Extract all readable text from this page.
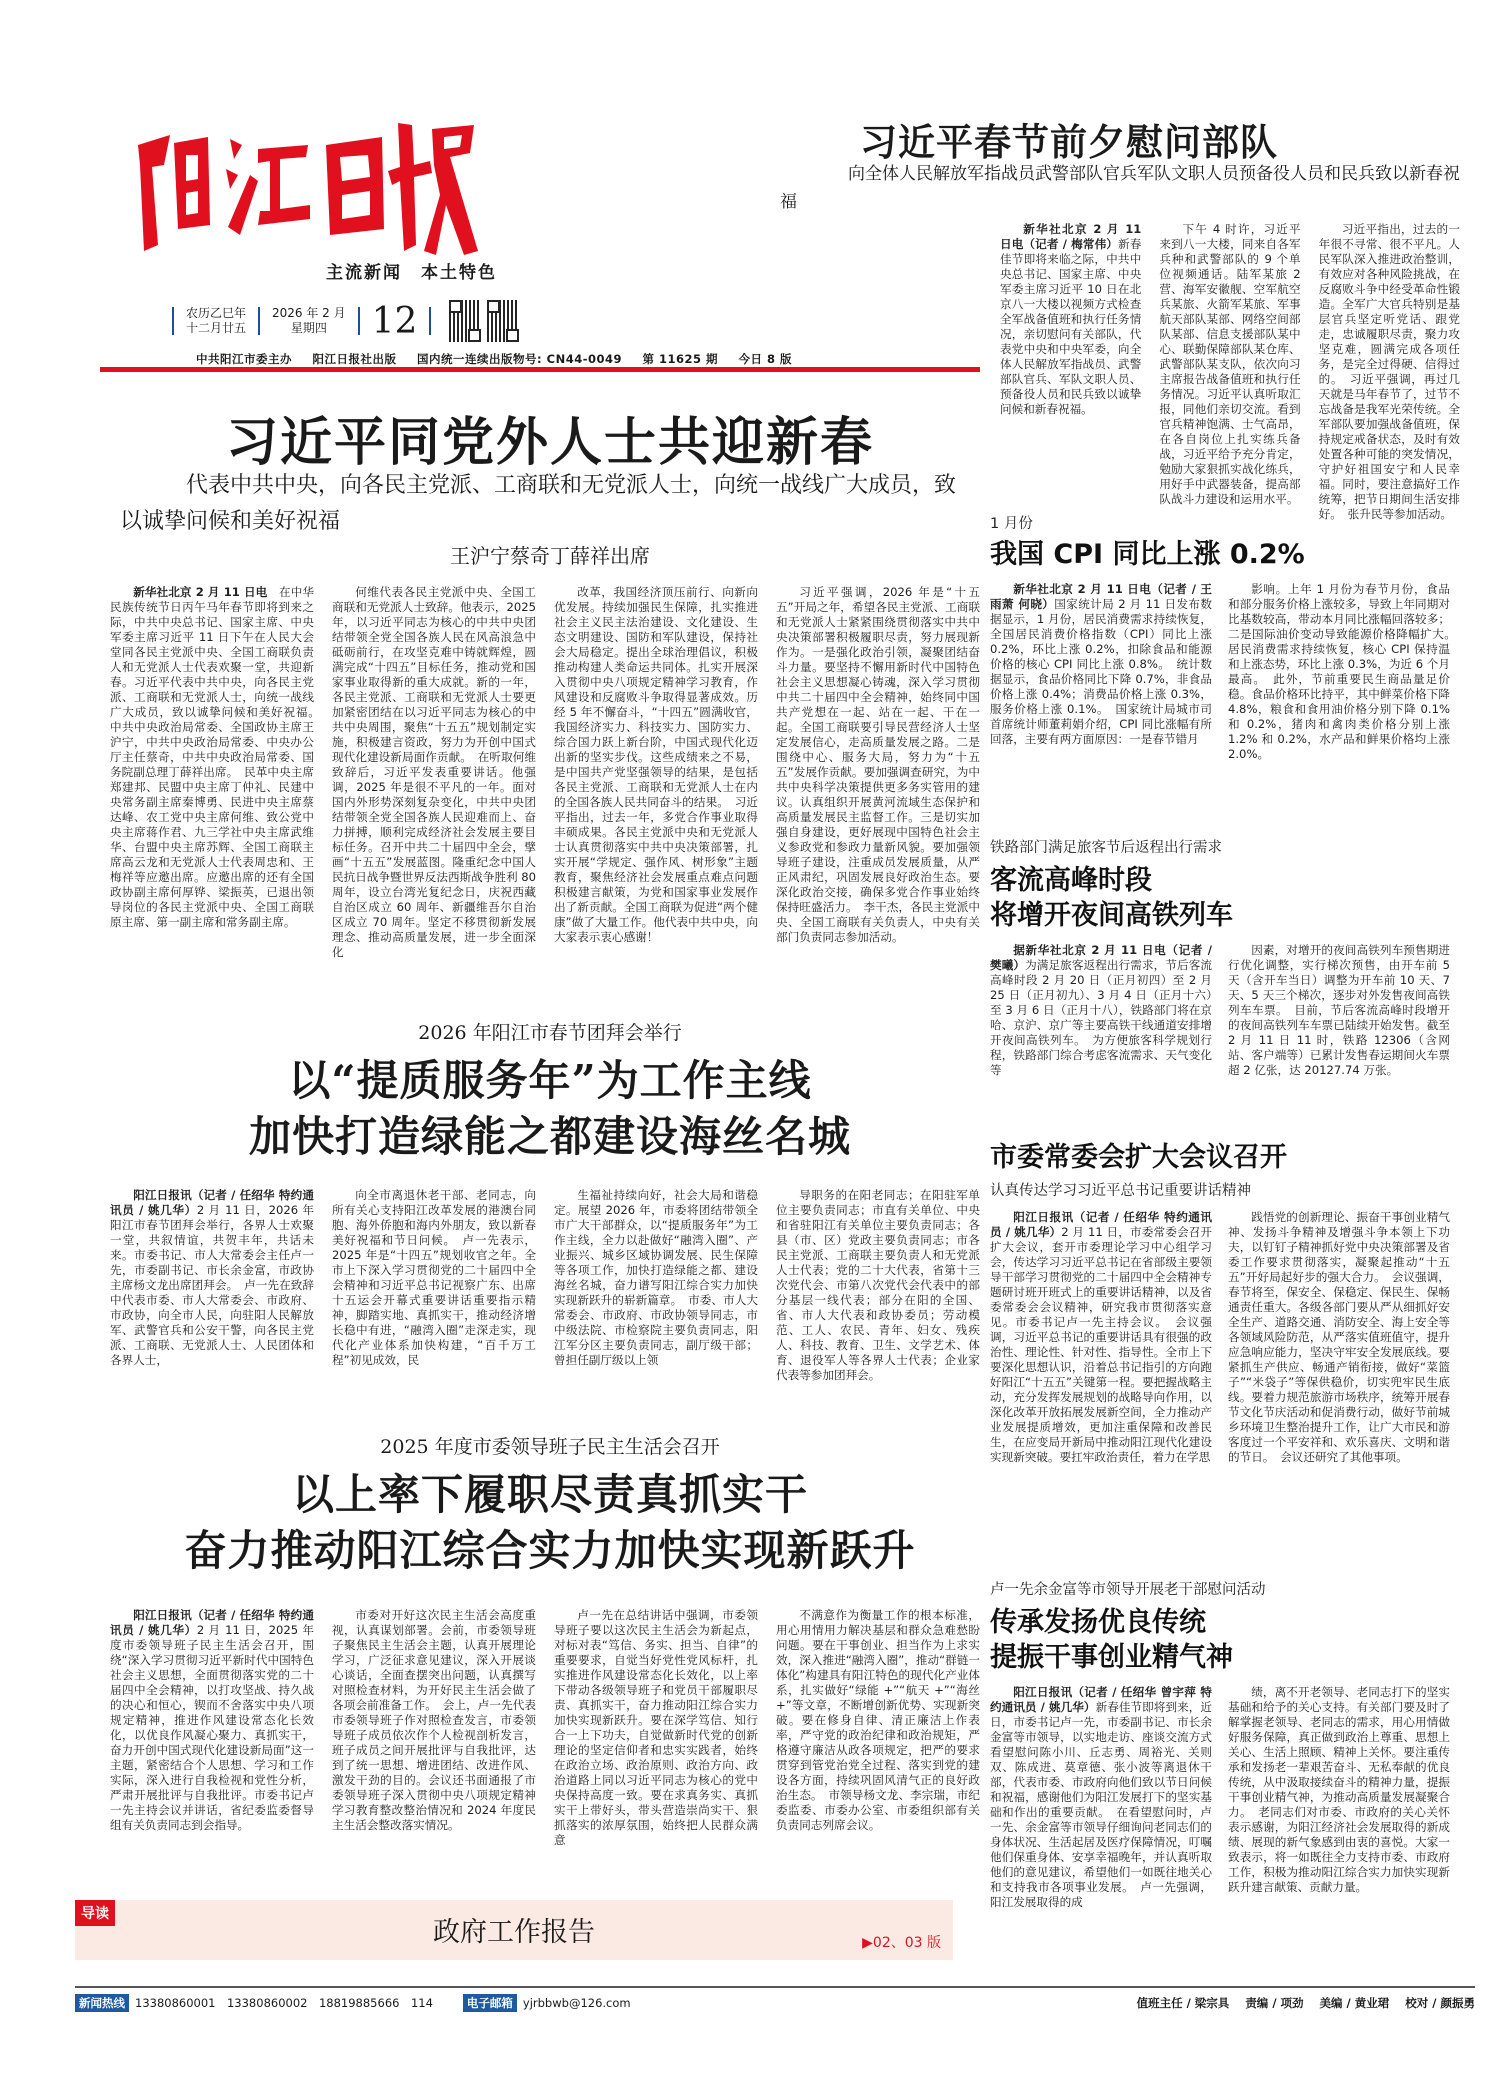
主流新闻　本土特色
农历乙巳年
十二月廿五
2026 年 2 月
星期四	12
中共阳江市委主办 阳江日报社出版 国内统一连续出版物号: CN44-0049 第 11625 期 今日 8 版
习近平春节前夕慰问部队
向全体人民解放军指战员武警部队官兵军队文职人员预备役人员和民兵致以新春祝福

新华社北京 2 月 11 日电（记者 / 梅常伟）新春佳节即将来临之际，中共中央总书记、国家主席、中央军委主席习近平 10 日在北京八一大楼以视频方式检查全军战备值班和执行任务情况，亲切慰问有关部队，代表党中央和中央军委，向全体人民解放军指战员、武警部队官兵、军队文职人员、预备役人员和民兵致以诚挚问候和新春祝福。

下午 4 时许，习近平来到八一大楼，同来自各军兵种和武警部队的 9 个单位视频通话。陆军某旅 2 营、海军安徽舰、空军航空兵某旅、火箭军某旅、军事航天部队某部、网络空间部队某部、信息支援部队某中心、联勤保障部队某仓库、武警部队某支队，依次向习主席报告战备值班和执行任务情况。习近平认真听取汇报，同他们亲切交流。看到官兵精神饱满、士气高昂，在各自岗位上扎实练兵备战，习近平给予充分肯定，勉励大家狠抓实战化练兵，用好手中武器装备，提高部队战斗力建设和运用水平。

习近平指出，过去的一年很不寻常、很不平凡。人民军队深入推进政治整训，有效应对各种风险挑战，在反腐败斗争中经受革命性锻造。全军广大官兵特别是基层官兵坚定听党话、跟党走，忠诚履职尽责，聚力攻坚克难，圆满完成各项任务，是完全过得硬、信得过的。　习近平强调，再过几天就是马年春节了，过节不忘战备是我军光荣传统。全军部队要加强战备值班，保持规定戒备状态，及时有效处置各种可能的突发情况，守护好祖国安宁和人民幸福。同时，要注意搞好工作统筹，把节日期间生活安排好。　张升民等参加活动。

习近平同党外人士共迎新春
代表中共中央，向各民主党派、工商联和无党派人士，向统一战线广大成员，致以诚挚问候和美好祝福
王沪宁蔡奇丁薛祥出席

新华社北京 2 月 11 日电　 在中华民族传统节日丙午马年春节即将到来之际，中共中央总书记、国家主席、中央军委主席习近平 11 日下午在人民大会堂同各民主党派中央、全国工商联负责人和无党派人士代表欢聚一堂，共迎新春。习近平代表中共中央，向各民主党派、工商联和无党派人士，向统一战线广大成员，致以诚挚问候和美好祝福。　中共中央政治局常委、全国政协主席王沪宁，中共中央政治局常委、中央办公厅主任蔡奇，中共中央政治局常委、国务院副总理丁薛祥出席。　民革中央主席郑建邦、民盟中央主席丁仲礼、民建中央常务副主席秦博勇、民进中央主席蔡达峰、农工党中央主席何维、致公党中央主席蒋作君、九三学社中央主席武维华、台盟中央主席苏辉、全国工商联主席高云龙和无党派人士代表周忠和、王梅祥等应邀出席。应邀出席的还有全国政协副主席何厚铧、梁振英，已退出领导岗位的各民主党派中央、全国工商联原主席、第一副主席和常务副主席。

何维代表各民主党派中央、全国工商联和无党派人士致辞。他表示，2025 年，以习近平同志为核心的中共中央团结带领全党全国各族人民在风高浪急中砥砺前行，在攻坚克难中铸就辉煌，圆满完成“十四五”目标任务，推动党和国家事业取得新的重大成就。新的一年，各民主党派、工商联和无党派人士要更加紧密团结在以习近平同志为核心的中共中央周围，聚焦“十五五”规划制定实施，积极建言资政，努力为开创中国式现代化建设新局面作贡献。　在听取何维致辞后，习近平发表重要讲话。他强调，2025 年是很不平凡的一年。面对国内外形势深刻复杂变化，中共中央团结带领全党全国各族人民迎难而上、奋力拼搏，顺利完成经济社会发展主要目标任务。召开中共二十届四中全会，擘画“十五五”发展蓝图。隆重纪念中国人民抗日战争暨世界反法西斯战争胜利 80 周年，设立台湾光复纪念日，庆祝西藏自治区成立 60 周年、新疆维吾尔自治区成立 70 周年。坚定不移贯彻新发展理念、推动高质量发展，进一步全面深化

改革，我国经济顶压前行、向新向优发展。持续加强民生保障，扎实推进社会主义民主法治建设、文化建设、生态文明建设、国防和军队建设，保持社会大局稳定。提出全球治理倡议，积极推动构建人类命运共同体。扎实开展深入贯彻中央八项规定精神学习教育，作风建设和反腐败斗争取得显著成效。历经 5 年不懈奋斗，“十四五”圆满收官，我国经济实力、科技实力、国防实力、综合国力跃上新台阶，中国式现代化迈出新的坚实步伐。这些成绩来之不易，是中国共产党坚强领导的结果，是包括各民主党派、工商联和无党派人士在内的全国各族人民共同奋斗的结果。　习近平指出，过去一年，多党合作事业取得丰硕成果。各民主党派中央和无党派人士认真贯彻落实中共中央决策部署，扎实开展“学规定、强作风、树形象”主题教育，聚焦经济社会发展重点难点问题积极建言献策，为党和国家事业发展作出了新贡献。全国工商联为促进“两个健康”做了大量工作。他代表中共中央，向大家表示衷心感谢！

习近平强调，2026 年是“十五五”开局之年，希望各民主党派、工商联和无党派人士紧紧围绕贯彻落实中共中央决策部署积极履职尽责，努力展现新作为。一是强化政治引领，凝聚团结奋斗力量。要坚持不懈用新时代中国特色社会主义思想凝心铸魂，深入学习贯彻中共二十届四中全会精神，始终同中国共产党想在一起、站在一起、干在一起。全国工商联要引导民营经济人士坚定发展信心，走高质量发展之路。二是围绕中心、服务大局，努力为“十五五”发展作贡献。要加强调查研究，为中共中央科学决策提供更多务实管用的建议。认真组织开展黄河流域生态保护和高质量发展民主监督工作。三是切实加强自身建设，更好展现中国特色社会主义参政党和参政力量新风貌。要加强领导班子建设，注重成员发展质量，从严正风肃纪，巩固发展良好政治生态。要深化政治交接，确保多党合作事业始终保持旺盛活力。　李干杰，各民主党派中央、全国工商联有关负责人，中央有关部门负责同志参加活动。

1 月份
我国 CPI 同比上涨 0.2%

新华社北京 2 月 11 日电（记者 / 王雨萧 何晓）国家统计局 2 月 11 日发布数据显示，1 月份，居民消费需求持续恢复，全国居民消费价格指数（CPI）同比上涨 0.2%，环比上涨 0.2%，扣除食品和能源价格的核心 CPI 同比上涨 0.8%。　统计数据显示，食品价格同比下降 0.7%，非食品价格上涨 0.4%；消费品价格上涨 0.3%，服务价格上涨 0.1%。　国家统计局城市司首席统计师董莉娟介绍，CPI 同比涨幅有所回落，主要有两方面原因：一是春节错月

影响。上年 1 月份为春节月份，食品和部分服务价格上涨较多，导致上年同期对比基数较高，带动本月同比涨幅回落较多；二是国际油价变动导致能源价格降幅扩大。　居民消费需求持续恢复，核心 CPI 保持温和上涨态势，环比上涨 0.3%，为近 6 个月最高。　此外，节前重要民生商品量足价稳。食品价格环比持平，其中鲜菜价格下降 4.8%，粮食和食用油价格分别下降 0.1% 和 0.2%，猪肉和禽肉类价格分别上涨 1.2% 和 0.2%，水产品和鲜果价格均上涨 2.0%。

铁路部门满足旅客节后返程出行需求
客流高峰时段
将增开夜间高铁列车

据新华社北京 2 月 11 日电（记者 / 樊曦）为满足旅客返程出行需求，节后客流高峰时段 2 月 20 日（正月初四）至 2 月 25 日（正月初九）、3 月 4 日（正月十六）至 3 月 6 日（正月十八），铁路部门将在京哈、京沪、京广等主要高铁干线通道安排增开夜间高铁列车。　为方便旅客科学规划行程，铁路部门综合考虑客流需求、天气变化等

因素，对增开的夜间高铁列车预售期进行优化调整，实行梯次预售，由开车前 5 天（含开车当日）调整为开车前 10 天、7 天、5 天三个梯次，逐步对外发售夜间高铁列车车票。　目前，节后客流高峰时段增开的夜间高铁列车车票已陆续开始发售。截至 2 月 11 日 11 时，铁路 12306（含网站、客户端等）已累计发售春运期间火车票超 2 亿张，达 20127.74 万张。

市委常委会扩大会议召开
认真传达学习习近平总书记重要讲话精神

阳江日报讯（记者 / 任绍华 特约通讯员 / 姚几华）2 月 11 日，市委常委会召开扩大会议，套开市委理论学习中心组学习会，传达学习习近平总书记在省部级主要领导干部学习贯彻党的二十届四中全会精神专题研讨班开班式上的重要讲话精神，以及省委常委会会议精神，研究我市贯彻落实意见。市委书记卢一先主持会议。　会议强调，习近平总书记的重要讲话具有很强的政治性、理论性、针对性、指导性。全市上下要深化思想认识，沿着总书记指引的方向跑好阳江“十五五”关键第一程。要把握战略主动，充分发挥发展规划的战略导向作用，以深化改革开放拓展发展新空间，全力推动产业发展提质增效，更加注重保障和改善民生，在应变局开新局中推动阳江现代化建设实现新突破。要扛牢政治责任，着力在学思

践悟党的创新理论、振奋干事创业精气神、发扬斗争精神及增强斗争本领上下功夫，以钉钉子精神抓好党中央决策部署及省委工作要求贯彻落实，凝聚起推动“十五五”开好局起好步的强大合力。　会议强调，春节将至，保安全、保稳定、保民生、保畅通责任重大。各级各部门要从严从细抓好安全生产、道路交通、消防安全、海上安全等各领域风险防范，从严落实值班值守，提升应急响应能力，坚决守牢安全发展底线。要紧抓生产供应、畅通产销衔接，做好“菜篮子”“米袋子”等保供稳价，切实兜牢民生底线。要着力规范旅游市场秩序，统筹开展春节文化节庆活动和促消费行动，做好节前城乡环境卫生整治提升工作，让广大市民和游客度过一个平安祥和、欢乐喜庆、文明和谐的节日。　会议还研究了其他事项。

卢一先余金富等市领导开展老干部慰问活动
传承发扬优良传统
提振干事创业精气神

阳江日报讯（记者 / 任绍华 曾宇萍 特约通讯员 / 姚几华）新春佳节即将到来，近日，市委书记卢一先，市委副书记、市长余金富等市领导，以实地走访、座谈交流方式看望慰问陈小川、丘志勇、周裕光、关则双、陈成进、莫章德、张小波等离退休干部，代表市委、市政府向他们致以节日问候和祝福，感谢他们为阳江发展打下的坚实基础和作出的重要贡献。　在看望慰问时，卢一先、余金富等市领导仔细询问老同志们的身体状况、生活起居及医疗保障情况，叮嘱他们保重身体、安享幸福晚年，并认真听取他们的意见建议，希望他们一如既往地关心和支持我市各项事业发展。　卢一先强调，阳江发展取得的成

绩，离不开老领导、老同志打下的坚实基础和给予的关心支持。有关部门要及时了解掌握老领导、老同志的需求，用心用情做好服务保障，真正做到政治上尊重、思想上关心、生活上照顾、精神上关怀。要注重传承和发扬老一辈艰苦奋斗、无私奉献的优良传统，从中汲取接续奋斗的精神力量，提振干事创业精气神，为推动高质量发展凝聚合力。　老同志们对市委、市政府的关心关怀表示感谢，为阳江经济社会发展取得的新成绩、展现的新气象感到由衷的喜悦。大家一致表示，将一如既往全力支持市委、市政府工作，积极为推动阳江综合实力加快实现新跃升建言献策、贡献力量。

2026 年阳江市春节团拜会举行
以“提质服务年”为工作主线
加快打造绿能之都建设海丝名城

阳江日报讯（记者 / 任绍华 特约通讯员 / 姚几华）2 月 11 日，2026 年阳江市春节团拜会举行，各界人士欢聚一堂，共叙情谊，共贺丰年，共话未来。市委书记、市人大常委会主任卢一先，市委副书记、市长余金富，市政协主席杨文龙出席团拜会。　卢一先在致辞中代表市委、市人大常委会、市政府、市政协，向全市人民，向驻阳人民解放军、武警官兵和公安干警，向各民主党派、工商联、无党派人士、人民团体和各界人士，

向全市离退休老干部、老同志，向所有关心支持阳江改革发展的港澳台同胞、海外侨胞和海内外朋友，致以新春美好祝福和节日问候。　卢一先表示，2025 年是“十四五”规划收官之年。全市上下深入学习贯彻党的二十届四中全会精神和习近平总书记视察广东、出席十五运会开幕式重要讲话重要指示精神，脚踏实地、真抓实干，推动经济增长稳中有进，“融湾入圈”走深走实，现代化产业体系加快构建，“百千万工程”初见成效，民

生福祉持续向好，社会大局和谐稳定。展望 2026 年，市委将团结带领全市广大干部群众，以“提质服务年”为工作主线，全力以赴做好“融湾入圈”、产业振兴、城乡区域协调发展、民生保障等各项工作，加快打造绿能之都、建设海丝名城，奋力谱写阳江综合实力加快实现新跃升的崭新篇章。　市委、市人大常委会、市政府、市政协领导同志，市中级法院、市检察院主要负责同志，阳江军分区主要负责同志，副厅级干部；曾担任副厅级以上领

导职务的在阳老同志；在阳驻军单位主要负责同志；市直有关单位、中央和省驻阳江有关单位主要负责同志；各县（市、区）党政主要负责同志；市各民主党派、工商联主要负责人和无党派人士代表；党的二十大代表，省第十三次党代会、市第八次党代会代表中的部分基层一线代表；部分在阳的全国、省、市人大代表和政协委员；劳动模范、工人、农民、青年、妇女、残疾人、科技、教育、卫生、文学艺术、体育、退役军人等各界人士代表；企业家代表等参加团拜会。

2025 年度市委领导班子民主生活会召开
以上率下履职尽责真抓实干
奋力推动阳江综合实力加快实现新跃升

阳江日报讯（记者 / 任绍华 特约通讯员 / 姚几华）2 月 11 日，2025 年度市委领导班子民主生活会召开，围绕“深入学习贯彻习近平新时代中国特色社会主义思想，全面贯彻落实党的二十届四中全会精神，以打攻坚战、持久战的决心和恒心，锲而不舍落实中央八项规定精神，推进作风建设常态化长效化，以优良作风凝心聚力、真抓实干，奋力开创中国式现代化建设新局面”这一主题，紧密结合个人思想、学习和工作实际，深入进行自我检视和党性分析，严肃开展批评与自我批评。市委书记卢一先主持会议并讲话，省纪委监委督导组有关负责同志到会指导。

市委对开好这次民主生活会高度重视，认真谋划部署。会前，市委领导班子聚焦民主生活会主题，认真开展理论学习，广泛征求意见建议，深入开展谈心谈话，全面查摆突出问题，认真撰写对照检查材料，为开好民主生活会做了各项会前准备工作。　会上，卢一先代表市委领导班子作对照检查发言，市委领导班子成员依次作个人检视剖析发言，班子成员之间开展批评与自我批评，达到了统一思想、增进团结、改进作风、激发干劲的目的。会议还书面通报了市委领导班子深入贯彻中央八项规定精神学习教育整改整治情况和 2024 年度民主生活会整改落实情况。

卢一先在总结讲话中强调，市委领导班子要以这次民主生活会为新起点，对标对表“笃信、务实、担当、自律”的重要要求，自觉当好党性党风标杆，扎实推进作风建设常态化长效化，以上率下带动各级领导班子和党员干部履职尽责、真抓实干，奋力推动阳江综合实力加快实现新跃升。要在深学笃信、知行合一上下功夫，自觉做新时代党的创新理论的坚定信仰者和忠实实践者，始终在政治立场、政治原则、政治方向、政治道路上同以习近平同志为核心的党中央保持高度一致。要在求真务实、真抓实干上带好头，带头营造崇尚实干、狠抓落实的浓厚氛围，始终把人民群众满意

不满意作为衡量工作的根本标准，用心用情用力解决基层和群众急难愁盼问题。要在干事创业、担当作为上求实效，深入推进“融湾入圈”，推动“群链一体化”构建具有阳江特色的现代化产业体系，扎实做好“绿能 +”“航天 +”“海丝 +”等文章，不断增创新优势、实现新突破。要在修身自律、清正廉洁上作表率，严守党的政治纪律和政治规矩，严格遵守廉洁从政各项规定，把严的要求贯穿到管党治党全过程、落实到党的建设各方面，持续巩固风清气正的良好政治生态。　市领导杨文龙、李宗瑞，市纪委监委、市委办公室、市委组织部有关负责同志列席会议。

导读
政府工作报告	▶02、03 版
新闻热线 13380860001　13380860002　18819885666　114	电子邮箱 yjrbbwb@126.com	值班主任 / 梁宗具 责编 / 项劲 美编 / 黄业珺 校对 / 颜振勇
